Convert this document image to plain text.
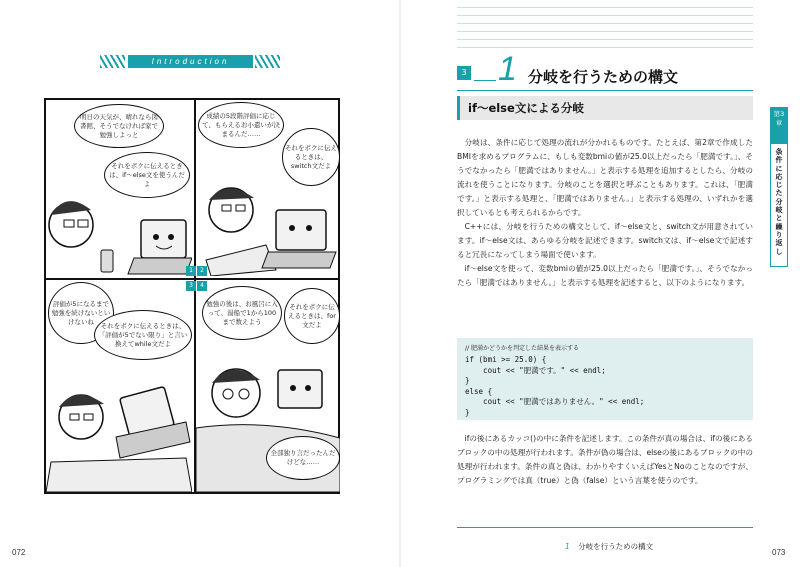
Introduction
明日の天気が、晴れなら図書館、そうでなければ家で勉強しよっと
それをボクに伝えるときは、if～else文を使うんだよ
成績の5段階評価に応じて、もらえるお小遣いが決まるんだ……
それをボクに伝えるときは、switch文だよ
1	2
3	4
評価が5になるまで勉強を続けないといけないね	それをボクに伝えるときは、「評価が5でない限り」と言い換えてwhile文だよ
勉強の後は、お風呂に入って、湯船で1から100まで数えよう
それをボクに伝えるときは、for文だよ
全部独り言だったんだけどな……
072
3 1 分岐を行うための構文
if～else文による分岐

分岐は、条件に応じて処理の流れが分かれるものです。たとえば、第2章で作成したBMIを求めるプログラムに、もしも変数bmiの値が25.0以上だったら「肥満です。」、そうでなかったら「肥満ではありません。」と表示する処理を追加するとしたら、分岐の流れを使うことになります。分岐のことを選択と呼ぶこともあります。これは、「肥満です。」と表示する処理と、「肥満ではありません。」と表示する処理の、いずれかを選択しているとも考えられるからです。

C++には、分岐を行うための構文として、if～else文と、switch文が用意されています。if～else文は、あらゆる分岐を記述できます。switch文は、if～else文で記述すると冗長になってしまう場面で使います。

if～else文を使って、変数bmiの値が25.0以上だったら「肥満です。」、そうでなかったら「肥満ではありません。」と表示する処理を記述すると、以下のようになります。

// 肥満かどうかを判定した結果を表示する
if (bmi >= 25.0) {
cout << "肥満です。" << endl;
}
else {
cout << "肥満ではありません。" << endl;
}

ifの後にあるカッコ()の中に条件を記述します。この条件が真の場合は、ifの後にあるブロックの中の処理が行われます。条件が偽の場合は、elseの後にあるブロックの中の処理が行われます。条件の真と偽は、わかりやすくいえばYesとNoのことなのですが、プログラミングでは真（true）と偽（false）という言葉を使うのです。

1 分岐を行うための構文
073
第3章
条件に応じた分岐と繰り返し
